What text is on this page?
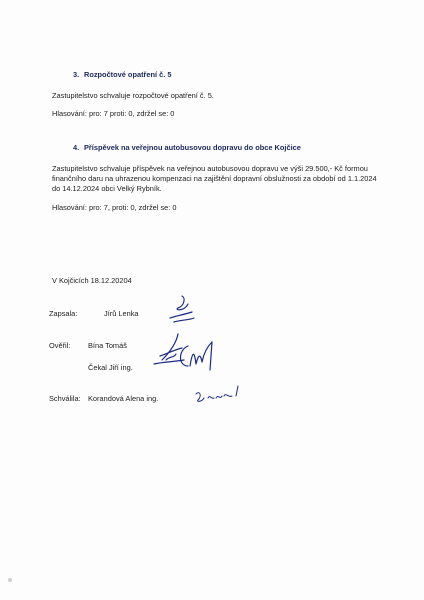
3. Rozpočtové opatření č. 5
Zastupitelstvo schvaluje rozpočtové opatření č. 5.
Hlasování: pro: 7 proti: 0, zdržel se: 0
4. Příspěvek na veřejnou autobusovou dopravu do obce Kojčice
Zastupitelstvo schvaluje příspěvek na veřejnou autobusovou dopravu ve výši 29.500,- Kč formou
finančního daru na uhrazenou kompenzaci na zajištění dopravní obslužnosti za období od 1.1.2024
do 14.12.2024 obci Velký Rybník.
Hlasování: pro: 7, proti: 0, zdržel se: 0
V Kojčicích 18.12.20204
Zapsala:	Jírů Lenka
Ověřil: Bína Tomáš
Čekal Jiří ing.
Schválila: Korandová Alena ing.
